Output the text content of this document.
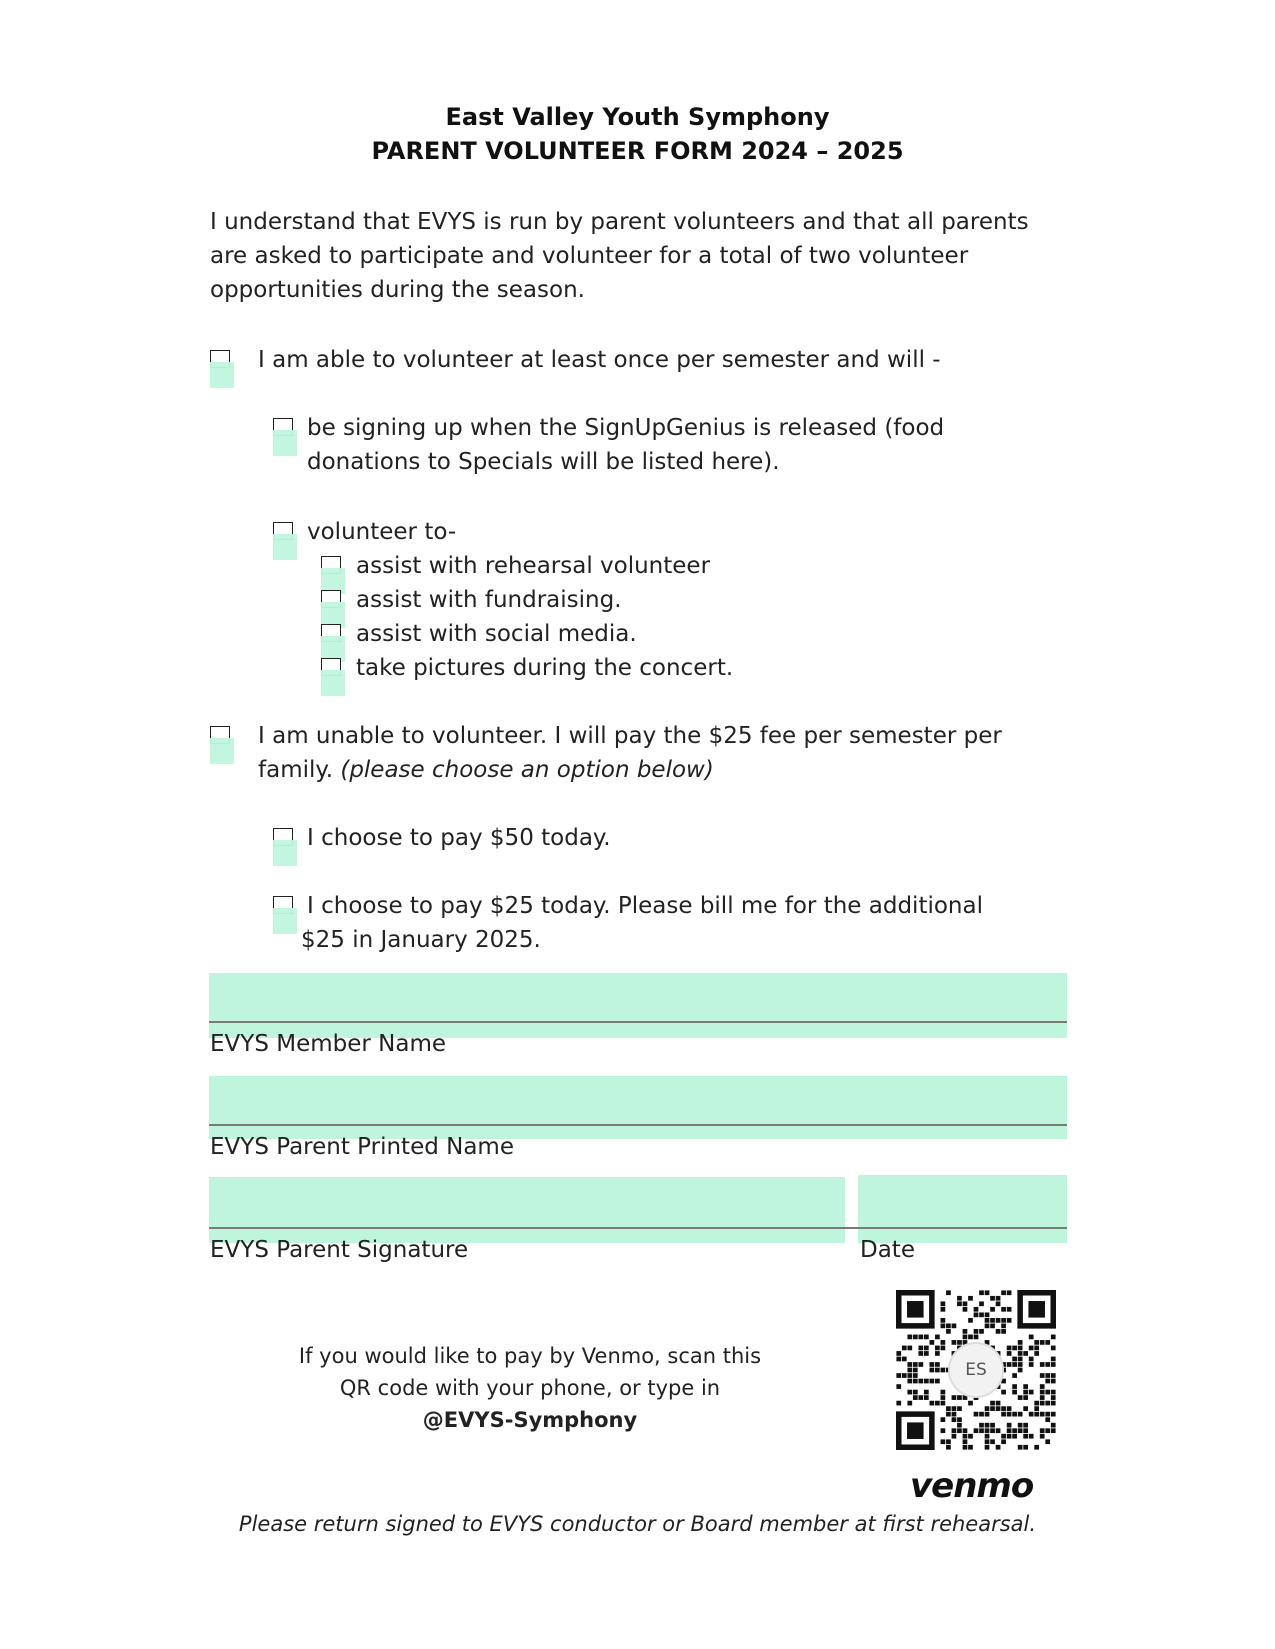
East Valley Youth Symphony
PARENT VOLUNTEER FORM 2024 – 2025
I understand that EVYS is run by parent volunteers and that all parents
are asked to participate and volunteer for a total of two volunteer
opportunities during the season.
I am able to volunteer at least once per semester and will -
be signing up when the SignUpGenius is released (food
donations to Specials will be listed here).
volunteer to-
assist with rehearsal volunteer
assist with fundraising.
assist with social media.
take pictures during the concert.
I am unable to volunteer. I will pay the $25 fee per semester per
family. (please choose an option below)
I choose to pay $50 today.
I choose to pay $25 today. Please bill me for the additional
$25 in January 2025.
EVYS Member Name
EVYS Parent Printed Name
EVYS Parent Signature	Date
If you would like to pay by Venmo, scan this
QR code with your phone, or type in
@EVYS-Symphony
ES
venmo
Please return signed to EVYS conductor or Board member at first rehearsal.
